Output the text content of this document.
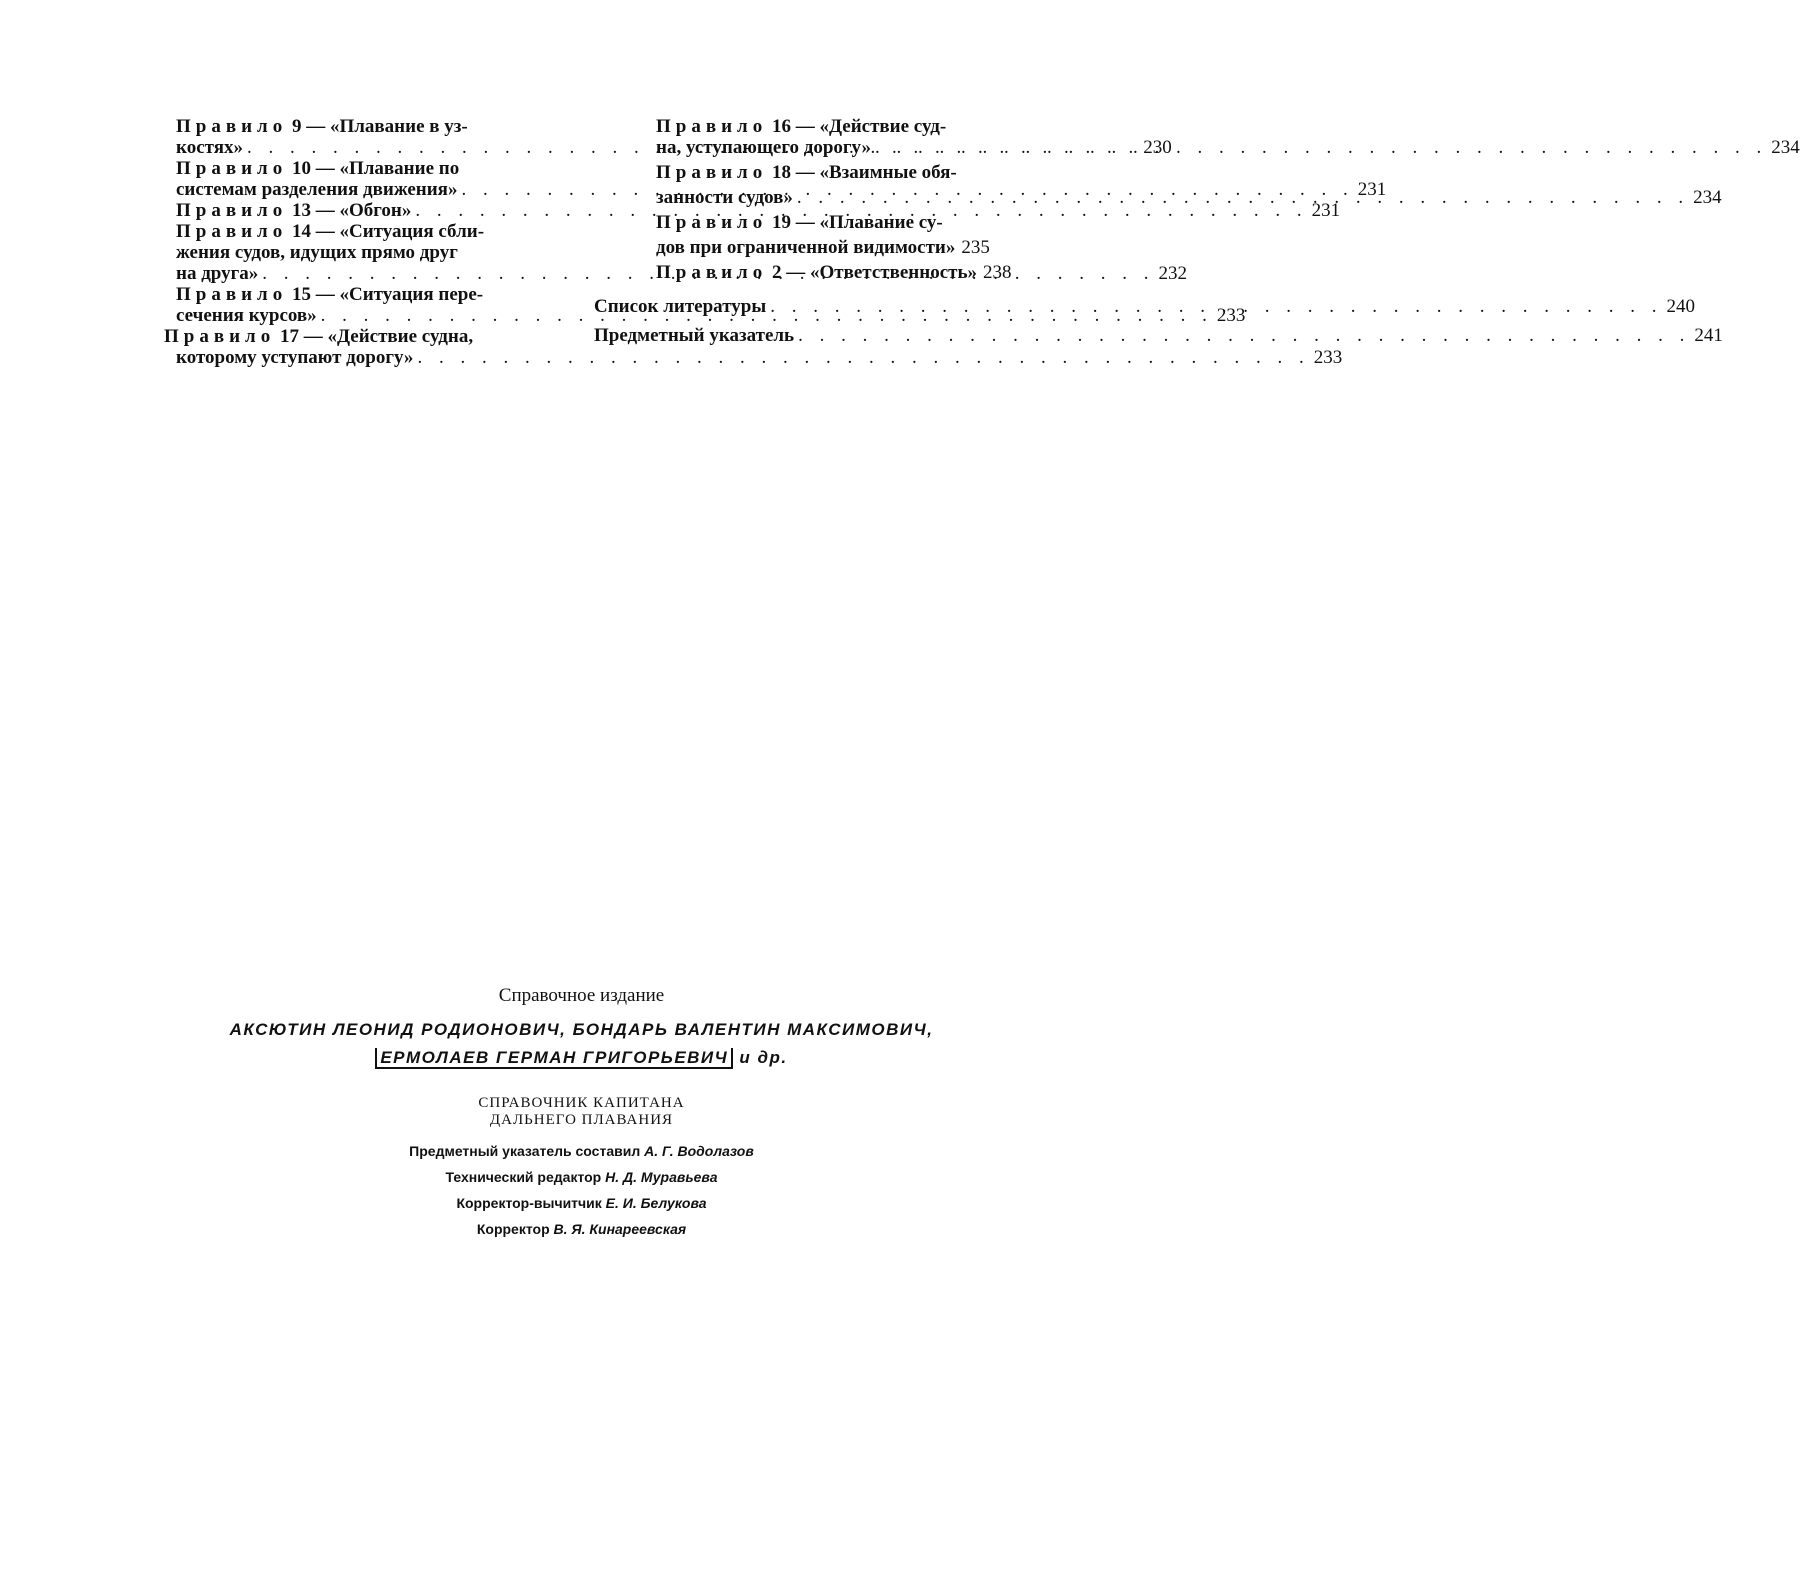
Правило 9 — «Плавание в уз-
костях» . . .	230
Правило 10 — «Плавание по
системам разделения движения» . . .	231
Правило 13 — «Обгон» . . .	231
Правило 14 — «Ситуация сбли-
жения судов, идущих прямо друг
на друга» . . .	232
Правило 15 — «Ситуация пере-
сечения курсов» . . .	233
Правило 17 — «Действие судна,
которому уступают дорогу» . . .	233
Правило 16 — «Действие суд-
на, уступающего дорогу» . . .	234
Правило 18 — «Взаимные обя-
занности судов» . . .	234
Правило 19 — «Плавание су-
дов при ограниченной видимости» 235
Правило 2 — «Ответственность» 238
Список литературы . . .	240
Предметный указатель . . .	241
Справочное издание
АКСЮТИН ЛЕОНИД РОДИОНОВИЧ, БОНДАРЬ ВАЛЕНТИН МАКСИМОВИЧ,
ЕРМОЛАЕВ ГЕРМАН ГРИГОРЬЕВИЧ и др.
СПРАВОЧНИК КАПИТАНА
ДАЛЬНЕГО ПЛАВАНИЯ
Предметный указатель составил А. Г. Водолазов
Технический редактор Н. Д. Муравьева
Корректор-вычитчик Е. И. Белукова
Корректор В. Я. Кинареевская
